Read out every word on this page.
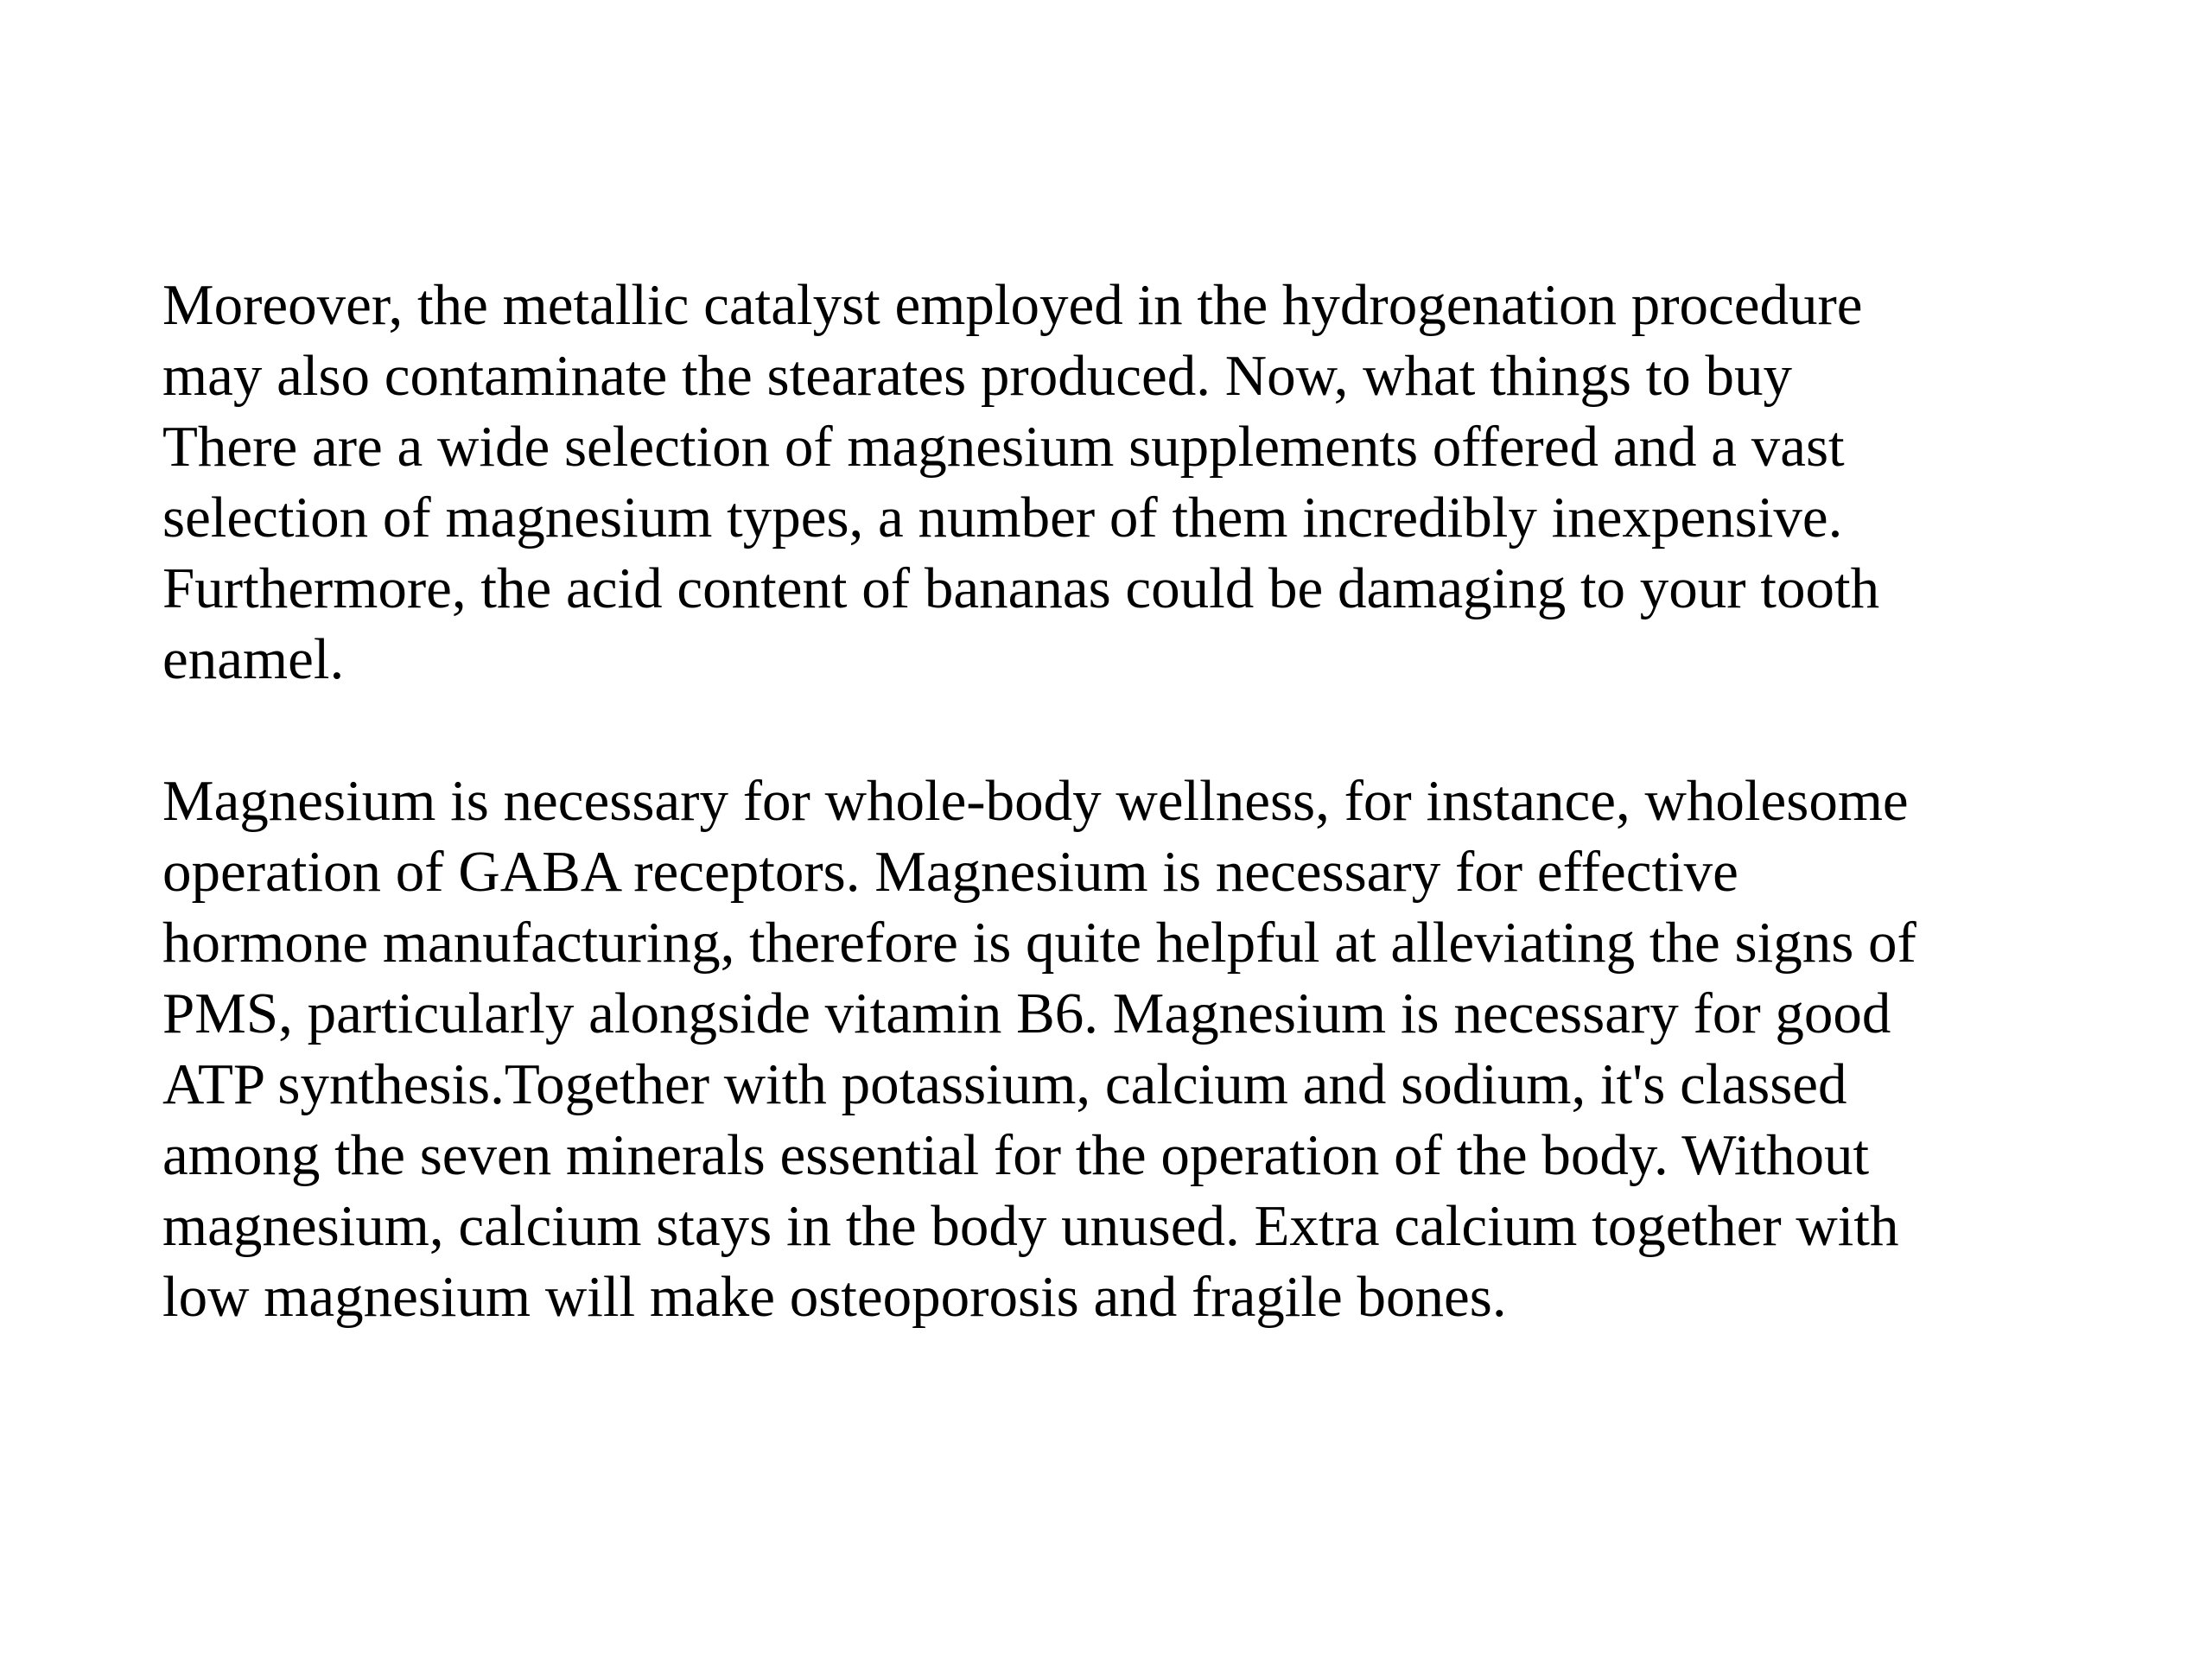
Moreover, the metallic catalyst employed in the hydrogenation procedure
may also contaminate the stearates produced. Now, what things to buy
There are a wide selection of magnesium supplements offered and a vast
selection of magnesium types, a number of them incredibly inexpensive.
Furthermore, the acid content of bananas could be damaging to your tooth
enamel.

Magnesium is necessary for whole-body wellness, for instance, wholesome
operation of GABA receptors. Magnesium is necessary for effective
hormone manufacturing, therefore is quite helpful at alleviating the signs of
PMS, particularly alongside vitamin B6. Magnesium is necessary for good
ATP synthesis.Together with potassium, calcium and sodium, it's classed
among the seven minerals essential for the operation of the body. Without
magnesium, calcium stays in the body unused. Extra calcium together with
low magnesium will make osteoporosis and fragile bones.
